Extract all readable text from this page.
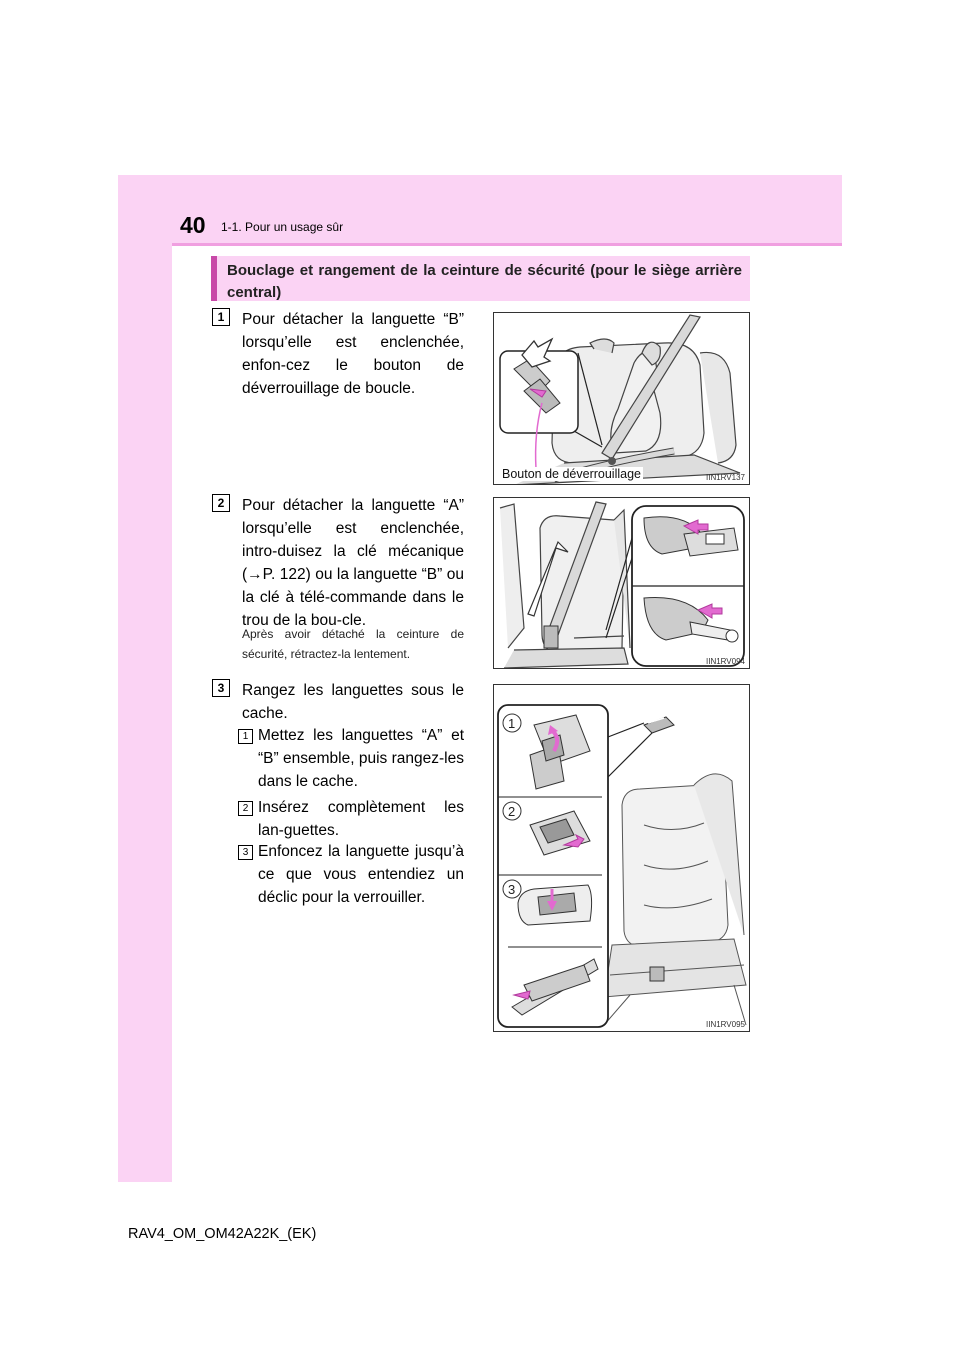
40 1-1. Pour un usage sûr
Bouclage et rangement de la ceinture de sécurité (pour le siège arrière central)
1	Pour détacher la languette “B” lorsqu’elle est enclenchée, enfon-cez le bouton de déverrouillage de boucle.
Bouton de déverrouillage	IIN1RV137
2	Pour détacher la languette “A” lorsqu’elle est enclenchée, intro-duisez la clé mécanique (→P. 122) ou la languette “B” ou la clé à télé-commande dans le trou de la bou-cle.
Après avoir détaché la ceinture de sécurité, rétractez-la lentement.
IIN1RV094
3	Rangez les languettes sous le cache.
1 Mettez les languettes “A” et “B” ensemble, puis rangez-les dans le cache.
2 Insérez complètement les lan-guettes.
3 Enfoncez la languette jusqu’à ce que vous entendiez un déclic pour la verrouiller.
1
2
3
IIN1RV095
RAV4_OM_OM42A22K_(EK)
